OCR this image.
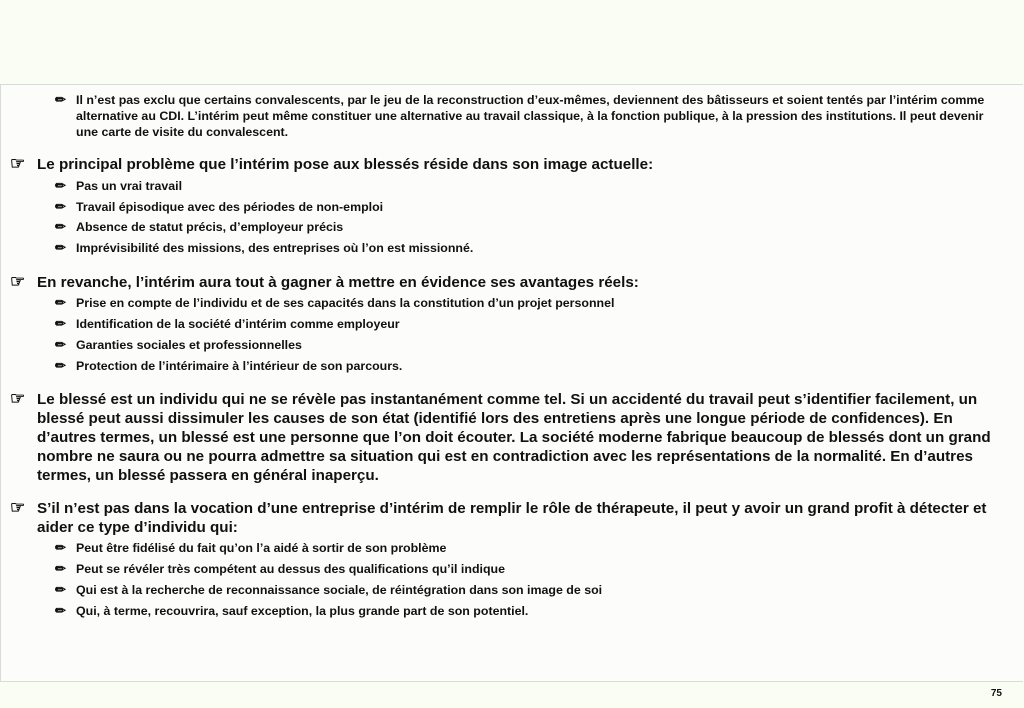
✏ Il n’est pas exclu que certains convalescents, par le jeu de la reconstruction d’eux-mêmes, deviennent des bâtisseurs et soient tentés par l’intérim comme alternative au CDI. L’intérim peut même constituer une alternative au travail classique, à la fonction publique, à la pression des institutions. Il peut devenir une carte de visite du convalescent.
☞ Le principal problème que l’intérim pose aux blessés réside dans son image actuelle:
✏ Pas un vrai travail
✏ Travail épisodique avec des périodes de non-emploi
✏ Absence de statut précis, d’employeur précis
✏ Imprévisibilité des missions, des entreprises où l’on est missionné.
☞ En revanche, l’intérim aura tout à gagner à mettre en évidence ses avantages réels:
✏ Prise en compte de l’individu et de ses capacités dans la constitution d’un projet personnel
✏ Identification de la société d’intérim comme employeur
✏ Garanties sociales et professionnelles
✏ Protection de l’intérimaire à l’intérieur de son parcours.
☞ Le blessé est un individu qui ne se révèle pas instantanément comme tel. Si un accidenté du travail peut s’identifier facilement, un blessé peut aussi dissimuler les causes de son état (identifié lors des entretiens après une longue période de confidences). En d’autres termes, un blessé est une personne que l’on doit écouter. La société moderne fabrique beaucoup de blessés dont un grand nombre ne saura ou ne pourra admettre sa situation qui est en contradiction avec les représentations de la normalité. En d’autres termes, un blessé passera en général inaperçu.
☞ S’il n’est pas dans la vocation d’une entreprise d’intérim de remplir le rôle de thérapeute, il peut y avoir un grand profit à détecter et aider ce type d’individu qui:
✏ Peut être fidélisé du fait qu’on l’a aidé à sortir de son problème
✏ Peut se révéler très compétent au dessus des qualifications qu’il indique
✏ Qui est à la recherche de reconnaissance sociale, de réintégration dans son image de soi
✏ Qui, à terme, recouvrira, sauf exception, la plus grande part de son potentiel.
75
